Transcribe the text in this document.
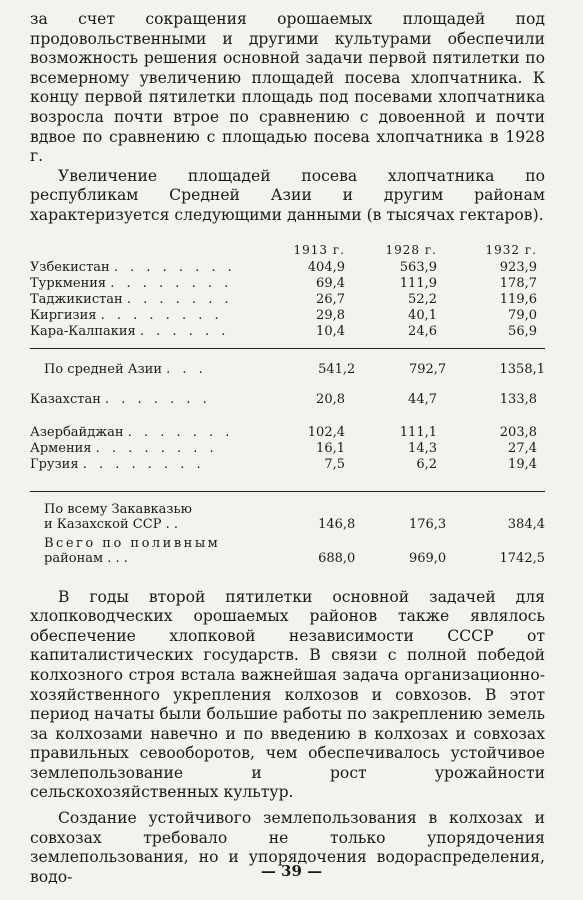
за счет сокращения орошаемых площадей под продовольственными и другими культурами обеспечили возможность решения основной задачи первой пятилетки по всемерному увеличению площадей посева хлопчатника. К концу первой пятилетки площадь под посевами хлопчатника возросла почти втрое по сравнению с довоенной и почти вдвое по сравнению с площадью посева хлопчатника в 1928 г.

Увеличение площадей посева хлопчатника по республикам Средней Азии и другим районам характеризуется следующими данными (в тысячах гектаров).

1913 г.	1928 г.	1932 г.
Узбекистан . . . . . . . .	404,9	563,9	923,9
Туркмения . . . . . . . .	69,4	111,9	178,7
Таджикистан . . . . . . .	26,7	52,2	119,6
Киргизия . . . . . . . .	29,8	40,1	79,0
Кара-Калпакия . . . . . .	10,4	24,6	56,9
По средней Азии . . .	541,2	792,7	1358,1
Казахстан . . . . . . .	20,8	44,7	133,8
Азербайджан . . . . . . .	102,4	111,1	203,8
Армения . . . . . . . .	16,1	14,3	27,4
Грузия . . . . . . . .	7,5	6,2	19,4
По всему Закавказью
и Казахской ССР . .	146,8	176,3	384,4
Всего по поливным
районам . . .	688,0	969,0	1742,5

В годы второй пятилетки основной задачей для хлопководческих орошаемых районов также являлось обеспечение хлопковой независимости СССР от капиталистических государств. В связи с полной победой колхозного строя встала важнейшая задача организационно-хозяйственного укрепления колхозов и совхозов. В этот период начаты были большие работы по закреплению земель за колхозами навечно и по введению в колхозах и совхозах правильных севооборотов, чем обеспечивалось устойчивое землепользование и рост урожайности сельскохозяйственных культур.

Создание устойчивого землепользования в колхозах и совхозах требовало не только упорядочения землепользования, но и упорядочения водораспределения, водо-	— 39 —
